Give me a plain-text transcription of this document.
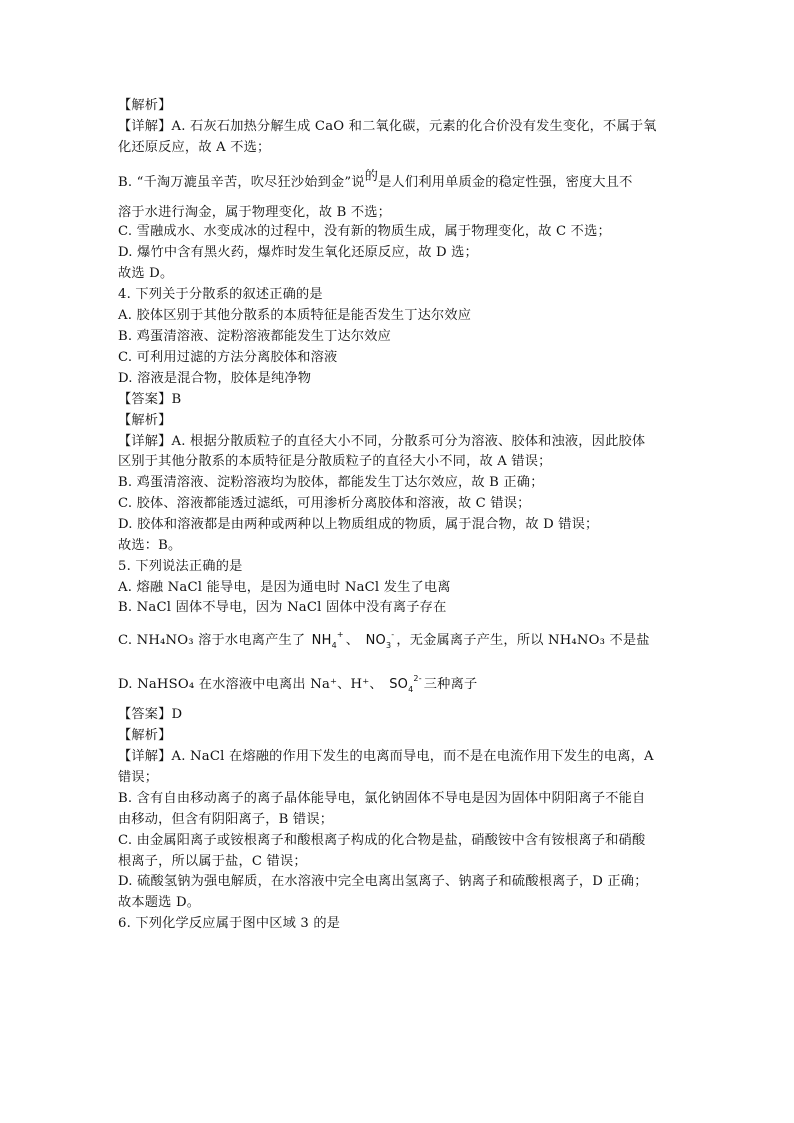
【解析】
【详解】A. 石灰石加热分解生成 CaO 和二氧化碳，元素的化合价没有发生变化，不属于氧
化还原反应，故 A 不选；
B. “千淘万漉虽辛苦，吹尽狂沙始到金”说的是人们利用单质金的稳定性强，密度大且不
溶于水进行淘金，属于物理变化，故 B 不选；
C. 雪融成水、水变成冰的过程中，没有新的物质生成，属于物理变化，故 C 不选；
D. 爆竹中含有黑火药，爆炸时发生氧化还原反应，故 D 选；
故选 D。
4. 下列关于分散系的叙述正确的是
A. 胶体区别于其他分散系的本质特征是能否发生丁达尔效应
B. 鸡蛋清溶液、淀粉溶液都能发生丁达尔效应
C. 可利用过滤的方法分离胶体和溶液
D. 溶液是混合物，胶体是纯净物
【答案】B
【解析】
【详解】A. 根据分散质粒子的直径大小不同，分散系可分为溶液、胶体和浊液，因此胶体
区别于其他分散系的本质特征是分散质粒子的直径大小不同，故 A 错误；
B. 鸡蛋清溶液、淀粉溶液均为胶体，都能发生丁达尔效应，故 B 正确；
C. 胶体、溶液都能透过滤纸，可用渗析分离胶体和溶液，故 C 错误；
D. 胶体和溶液都是由两种或两种以上物质组成的物质，属于混合物，故 D 错误；
故选：B。
5. 下列说法正确的是
A. 熔融 NaCl 能导电，是因为通电时 NaCl 发生了电离
B. NaCl 固体不导电，因为 NaCl 固体中没有离子存在
C. NH₄NO₃ 溶于水电离产生了 $NH_4^+$ 、 $NO_3^-$ ，无金属离子产生，所以 NH₄NO₃ 不是盐
D. NaHSO₄ 在水溶液中电离出 Na⁺、H⁺、 $SO_4^{2-}$ 三种离子
【答案】D
【解析】
【详解】A. NaCl 在熔融的作用下发生的电离而导电，而不是在电流作用下发生的电离，A
错误；
B. 含有自由移动离子的离子晶体能导电，氯化钠固体不导电是因为固体中阴阳离子不能自
由移动，但含有阴阳离子，B 错误；
C. 由金属阳离子或铵根离子和酸根离子构成的化合物是盐，硝酸铵中含有铵根离子和硝酸
根离子，所以属于盐，C 错误；
D. 硫酸氢钠为强电解质，在水溶液中完全电离出氢离子、钠离子和硫酸根离子，D 正确；
故本题选 D。
6. 下列化学反应属于图中区域 3 的是
